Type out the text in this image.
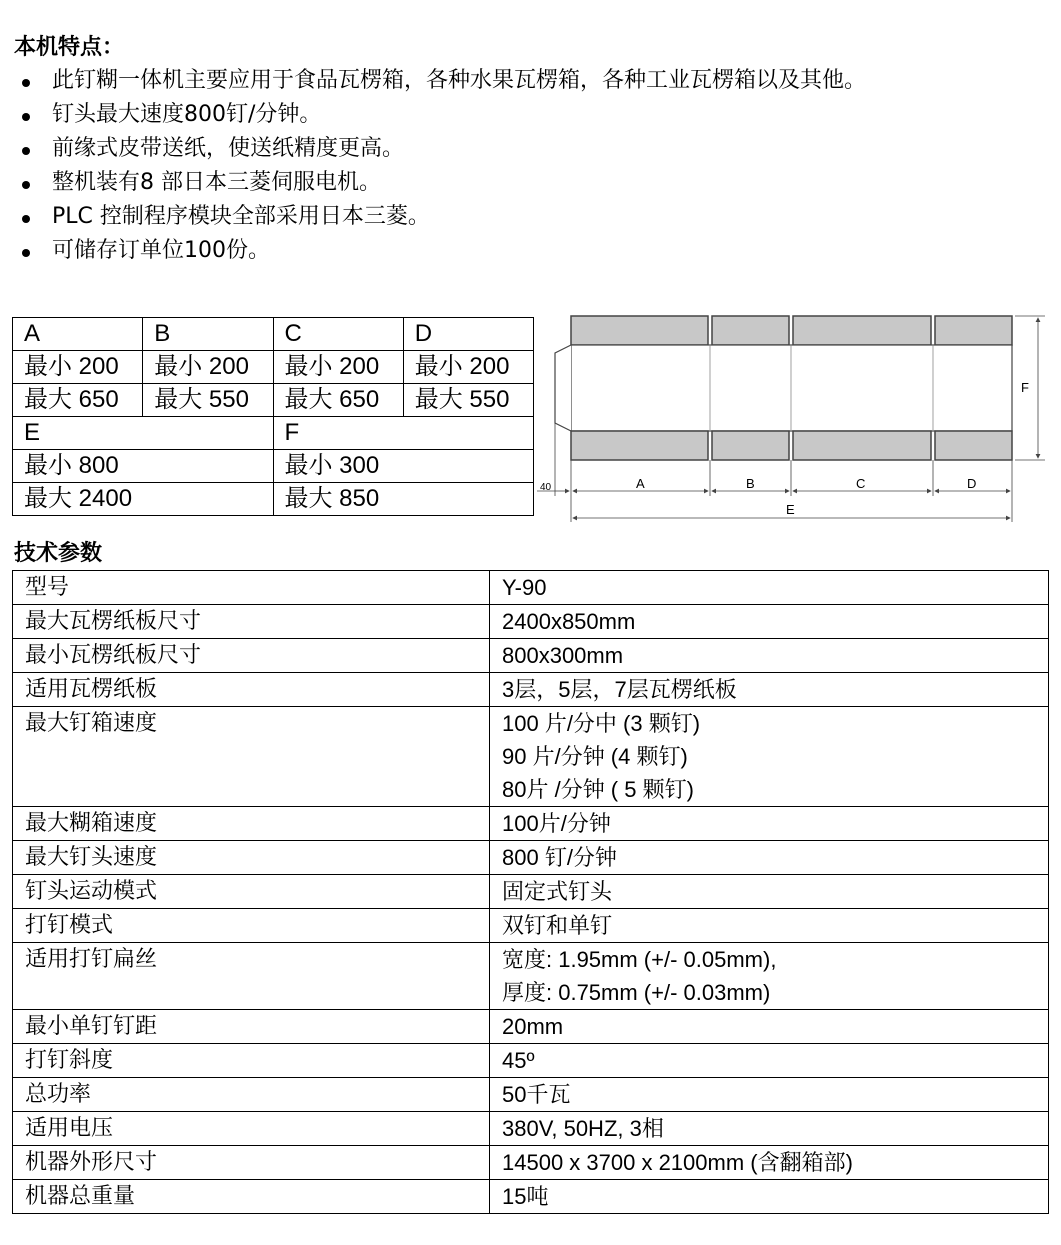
本机特点：
此钉糊一体机主要应用于食品瓦楞箱，各种水果瓦楞箱，各种工业瓦楞箱以及其他。
钉头最大速度800钉/分钟。
前缘式皮带送纸，使送纸精度更高。
整机装有8 部日本三菱伺服电机。
PLC 控制程序模块全部采用日本三菱。
可储存订单位100份。
A	B	C	D
最小 200	最小 200	最小 200	最小 200
最大 650	最大 550	最大 650	最大 550
E		F	
最小 800		最小 300	
最大 2400		最大 850	
F
A	B	C	D
40
E
技术参数
型号	Y-90

最大瓦楞纸板尺寸	2400x850mm

最小瓦楞纸板尺寸	800x300mm

适用瓦楞纸板	3层，5层，7层瓦楞纸板

最大钉箱速度	100 片/分中 (3 颗钉)
90 片/分钟 (4 颗钉)
80片 /分钟 ( 5 颗钉)

最大糊箱速度	100片/分钟

最大钉头速度	800 钉/分钟

钉头运动模式	固定式钉头

打钉模式	双钉和单钉

适用打钉扁丝	宽度: 1.95mm (+/- 0.05mm),
厚度: 0.75mm (+/- 0.03mm)

最小单钉钉距	20mm

打钉斜度	45º

总功率	50千瓦

适用电压	380V, 50HZ, 3相

机器外形尺寸	14500 x 3700 x 2100mm (含翻箱部)

机器总重量	15吨
